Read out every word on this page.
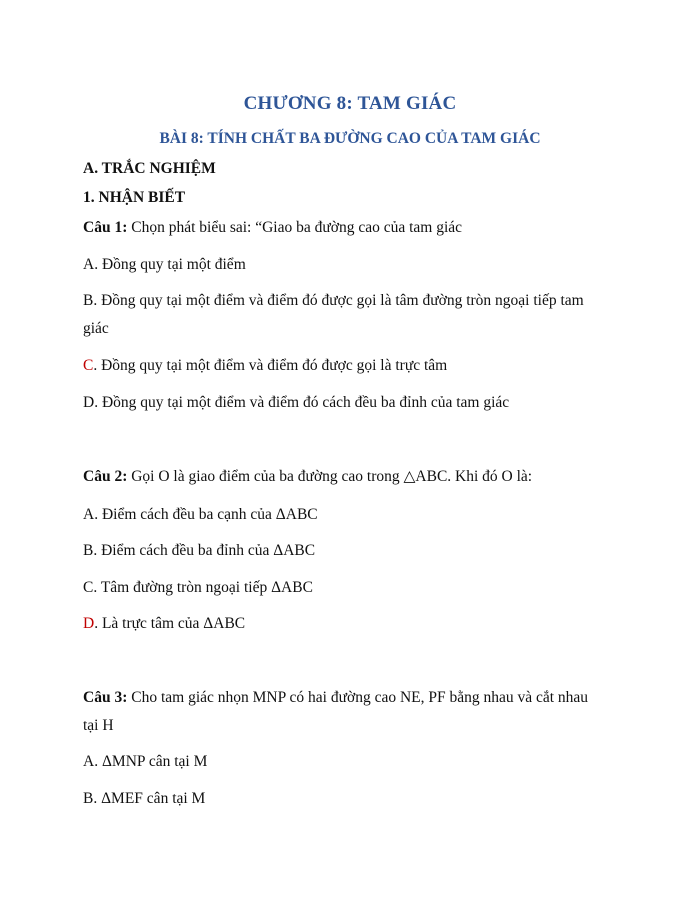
CHƯƠNG 8: TAM GIÁC
BÀI 8: TÍNH CHẤT BA ĐƯỜNG CAO CỦA TAM GIÁC
A. TRẮC NGHIỆM
1. NHẬN BIẾT
Câu 1: Chọn phát biểu sai: “Giao ba đường cao của tam giác
A. Đồng quy tại một điểm
B. Đồng quy tại một điểm và điểm đó được gọi là tâm đường tròn ngoại tiếp tam
giác
C. Đồng quy tại một điểm và điểm đó được gọi là trực tâm
D. Đồng quy tại một điểm và điểm đó cách đều ba đỉnh của tam giác
Câu 2: Gọi O là giao điểm của ba đường cao trong △ABC. Khi đó O là:
A. Điểm cách đều ba cạnh của ΔABC
B. Điểm cách đều ba đỉnh của ΔABC
C. Tâm đường tròn ngoại tiếp ΔABC
D. Là trực tâm của ΔABC
Câu 3: Cho tam giác nhọn MNP có hai đường cao NE, PF bằng nhau và cắt nhau
tại H
A. ΔMNP cân tại M
B. ΔMEF cân tại M
